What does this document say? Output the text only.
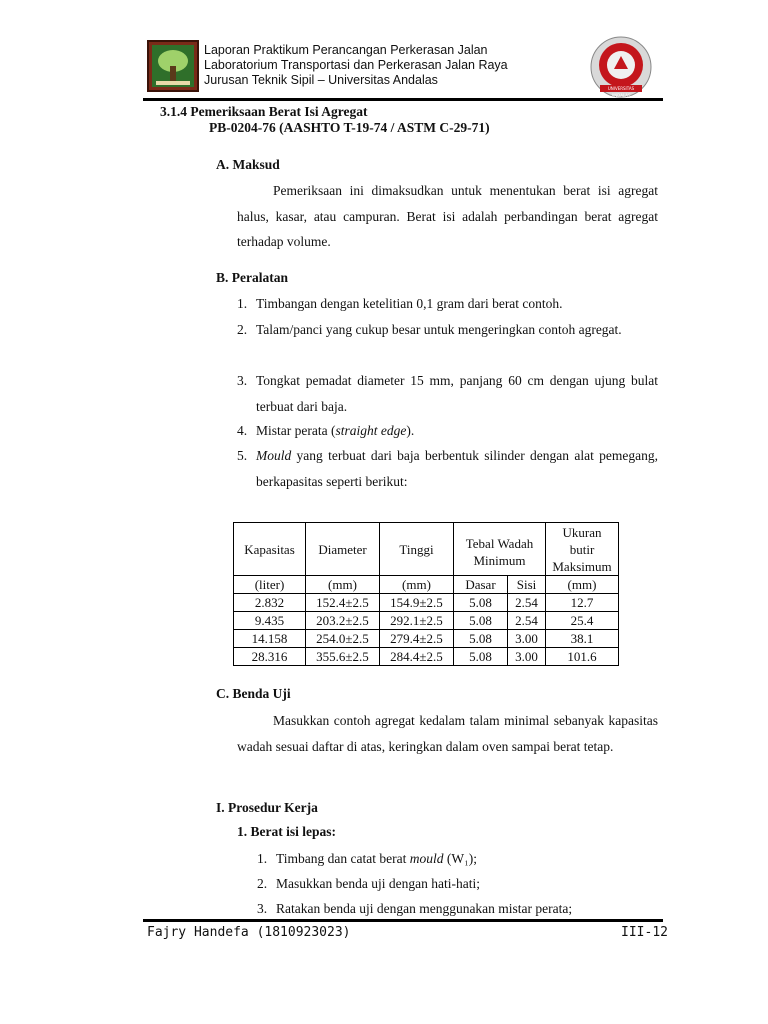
Laporan Praktikum Perancangan Perkerasan Jalan
Laboratorium Transportasi dan Perkerasan Jalan Raya
Jurusan Teknik Sipil – Universitas Andalas
UNIVERSITAS ANDALAS
3.1.4 Pemeriksaan Berat Isi Agregat
PB-0204-76 (AASHTO T-19-74 / ASTM C-29-71)
A. Maksud
Pemeriksaan ini dimaksudkan untuk menentukan berat isi agregat halus, kasar, atau campuran. Berat isi adalah perbandingan berat agregat terhadap volume.
B. Peralatan
1. Timbangan dengan ketelitian 0,1 gram dari berat contoh.
2. Talam/panci yang cukup besar untuk mengeringkan contoh agregat.
3. Tongkat pemadat diameter 15 mm, panjang 60 cm dengan ujung bulat terbuat dari baja.
4. Mistar perata (straight edge).
5. Mould yang terbuat dari baja berbentuk silinder dengan alat pemegang, berkapasitas seperti berikut:
Kapasitas	Diameter	Tinggi	Tebal Wadah Minimum		Ukuran butir Maksimum
(liter)	(mm)	(mm)	Dasar	Sisi	(mm)
2.832	152.4±2.5	154.9±2.5	5.08	2.54	12.7
9.435	203.2±2.5	292.1±2.5	5.08	2.54	25.4
14.158	254.0±2.5	279.4±2.5	5.08	3.00	38.1
28.316	355.6±2.5	284.4±2.5	5.08	3.00	101.6
C. Benda Uji
Masukkan contoh agregat kedalam talam minimal sebanyak kapasitas wadah sesuai daftar di atas, keringkan dalam oven sampai berat tetap.
I. Prosedur Kerja
1. Berat isi lepas:
1. Timbang dan catat berat mould (W₁);
2. Masukkan benda uji dengan hati-hati;
3. Ratakan benda uji dengan menggunakan mistar perata;
Fajry Handefa (1810923023)	III-12
